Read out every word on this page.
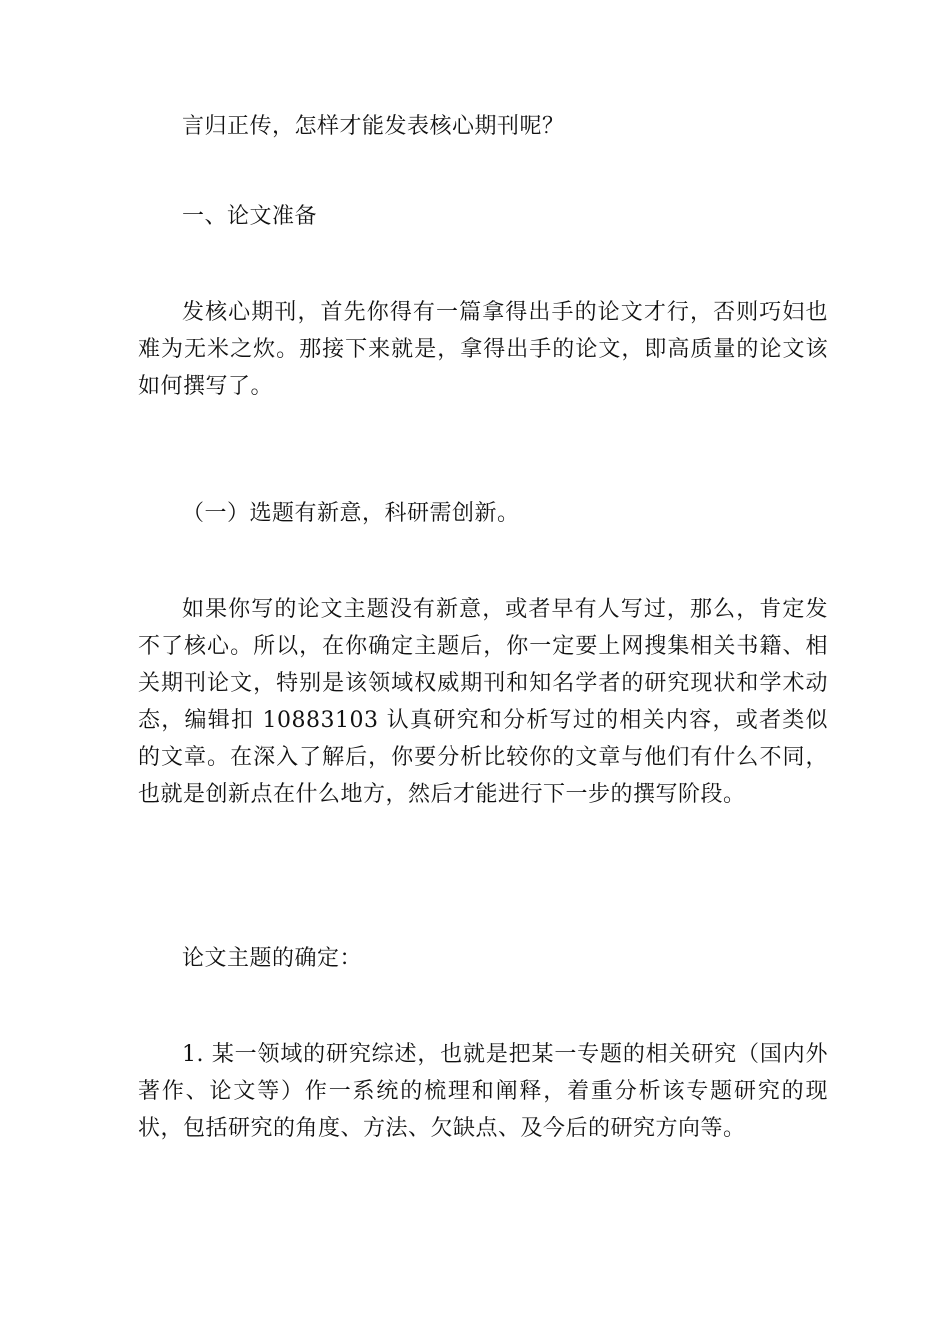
言归正传，怎样才能发表核心期刊呢？

一、论文准备

发核心期刊，首先你得有一篇拿得出手的论文才行，否则巧妇也难为无米之炊。那接下来就是，拿得出手的论文，即高质量的论文该如何撰写了。

（一）选题有新意，科研需创新。

如果你写的论文主题没有新意，或者早有人写过，那么，肯定发不了核心。所以，在你确定主题后，你一定要上网搜集相关书籍、相关期刊论文，特别是该领域权威期刊和知名学者的研究现状和学术动态，编辑扣 10883103 认真研究和分析写过的相关内容，或者类似的文章。在深入了解后，你要分析比较你的文章与他们有什么不同，也就是创新点在什么地方，然后才能进行下一步的撰写阶段。

论文主题的确定：

1. 某一领域的研究综述，也就是把某一专题的相关研究（国内外著作、论文等）作一系统的梳理和阐释，着重分析该专题研究的现状，包括研究的角度、方法、欠缺点、及今后的研究方向等。
